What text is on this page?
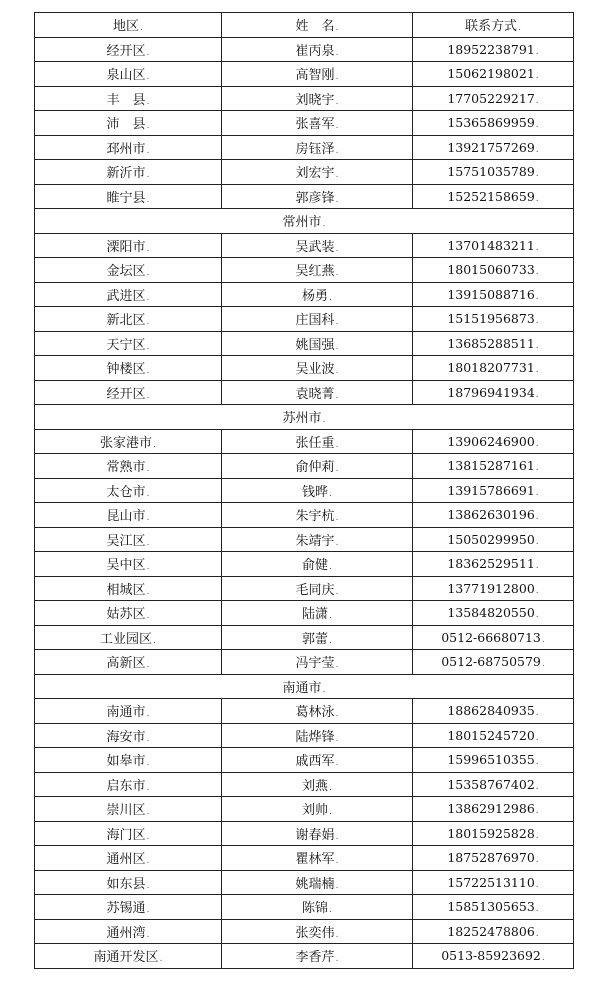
地区.	姓　名.	联系方式.
经开区.	崔丙泉.	18952238791.
泉山区.	高智刚.	15062198021.
丰　县.	刘晓宇.	17705229217.
沛　县.	张喜军.	15365869959.
邳州市.	房钰泽.	13921757269.
新沂市.	刘宏宇.	15751035789.
睢宁县.	郭彦锋.	15252158659.
常州市.		
溧阳市.	吴武装.	13701483211.
金坛区.	吴红燕.	18015060733.
武进区.	杨勇.	13915088716.
新北区.	庄国科.	15151956873.
天宁区.	姚国强.	13685288511.
钟楼区.	吴业波.	18018207731.
经开区.	袁晓菁.	18796941934.
苏州市.		
张家港市.	张任重.	13906246900.
常熟市.	俞仲莉.	13815287161.
太仓市.	钱晔.	13915786691.
昆山市.	朱宇杭.	13862630196.
吴江区.	朱靖宇.	15050299950.
吴中区.	俞健.	18362529511.
相城区.	毛同庆.	13771912800.
姑苏区.	陆潇.	13584820550.
工业园区.	郭蕾.	0512-66680713.
高新区.	冯宇莹.	0512-68750579.
南通市.		
南通市.	葛林泳.	18862840935.
海安市.	陆烨锋.	18015245720.
如皋市.	戚西军.	15996510355.
启东市.	刘燕.	15358767402.
崇川区.	刘帅.	13862912986.
海门区.	谢春娟.	18015925828.
通州区.	瞿林军.	18752876970.
如东县.	姚瑞楠.	15722513110.
苏锡通.	陈锦.	15851305653.
通州湾.	张奕伟.	18252478806.
南通开发区.	李香芹.	0513-85923692.
